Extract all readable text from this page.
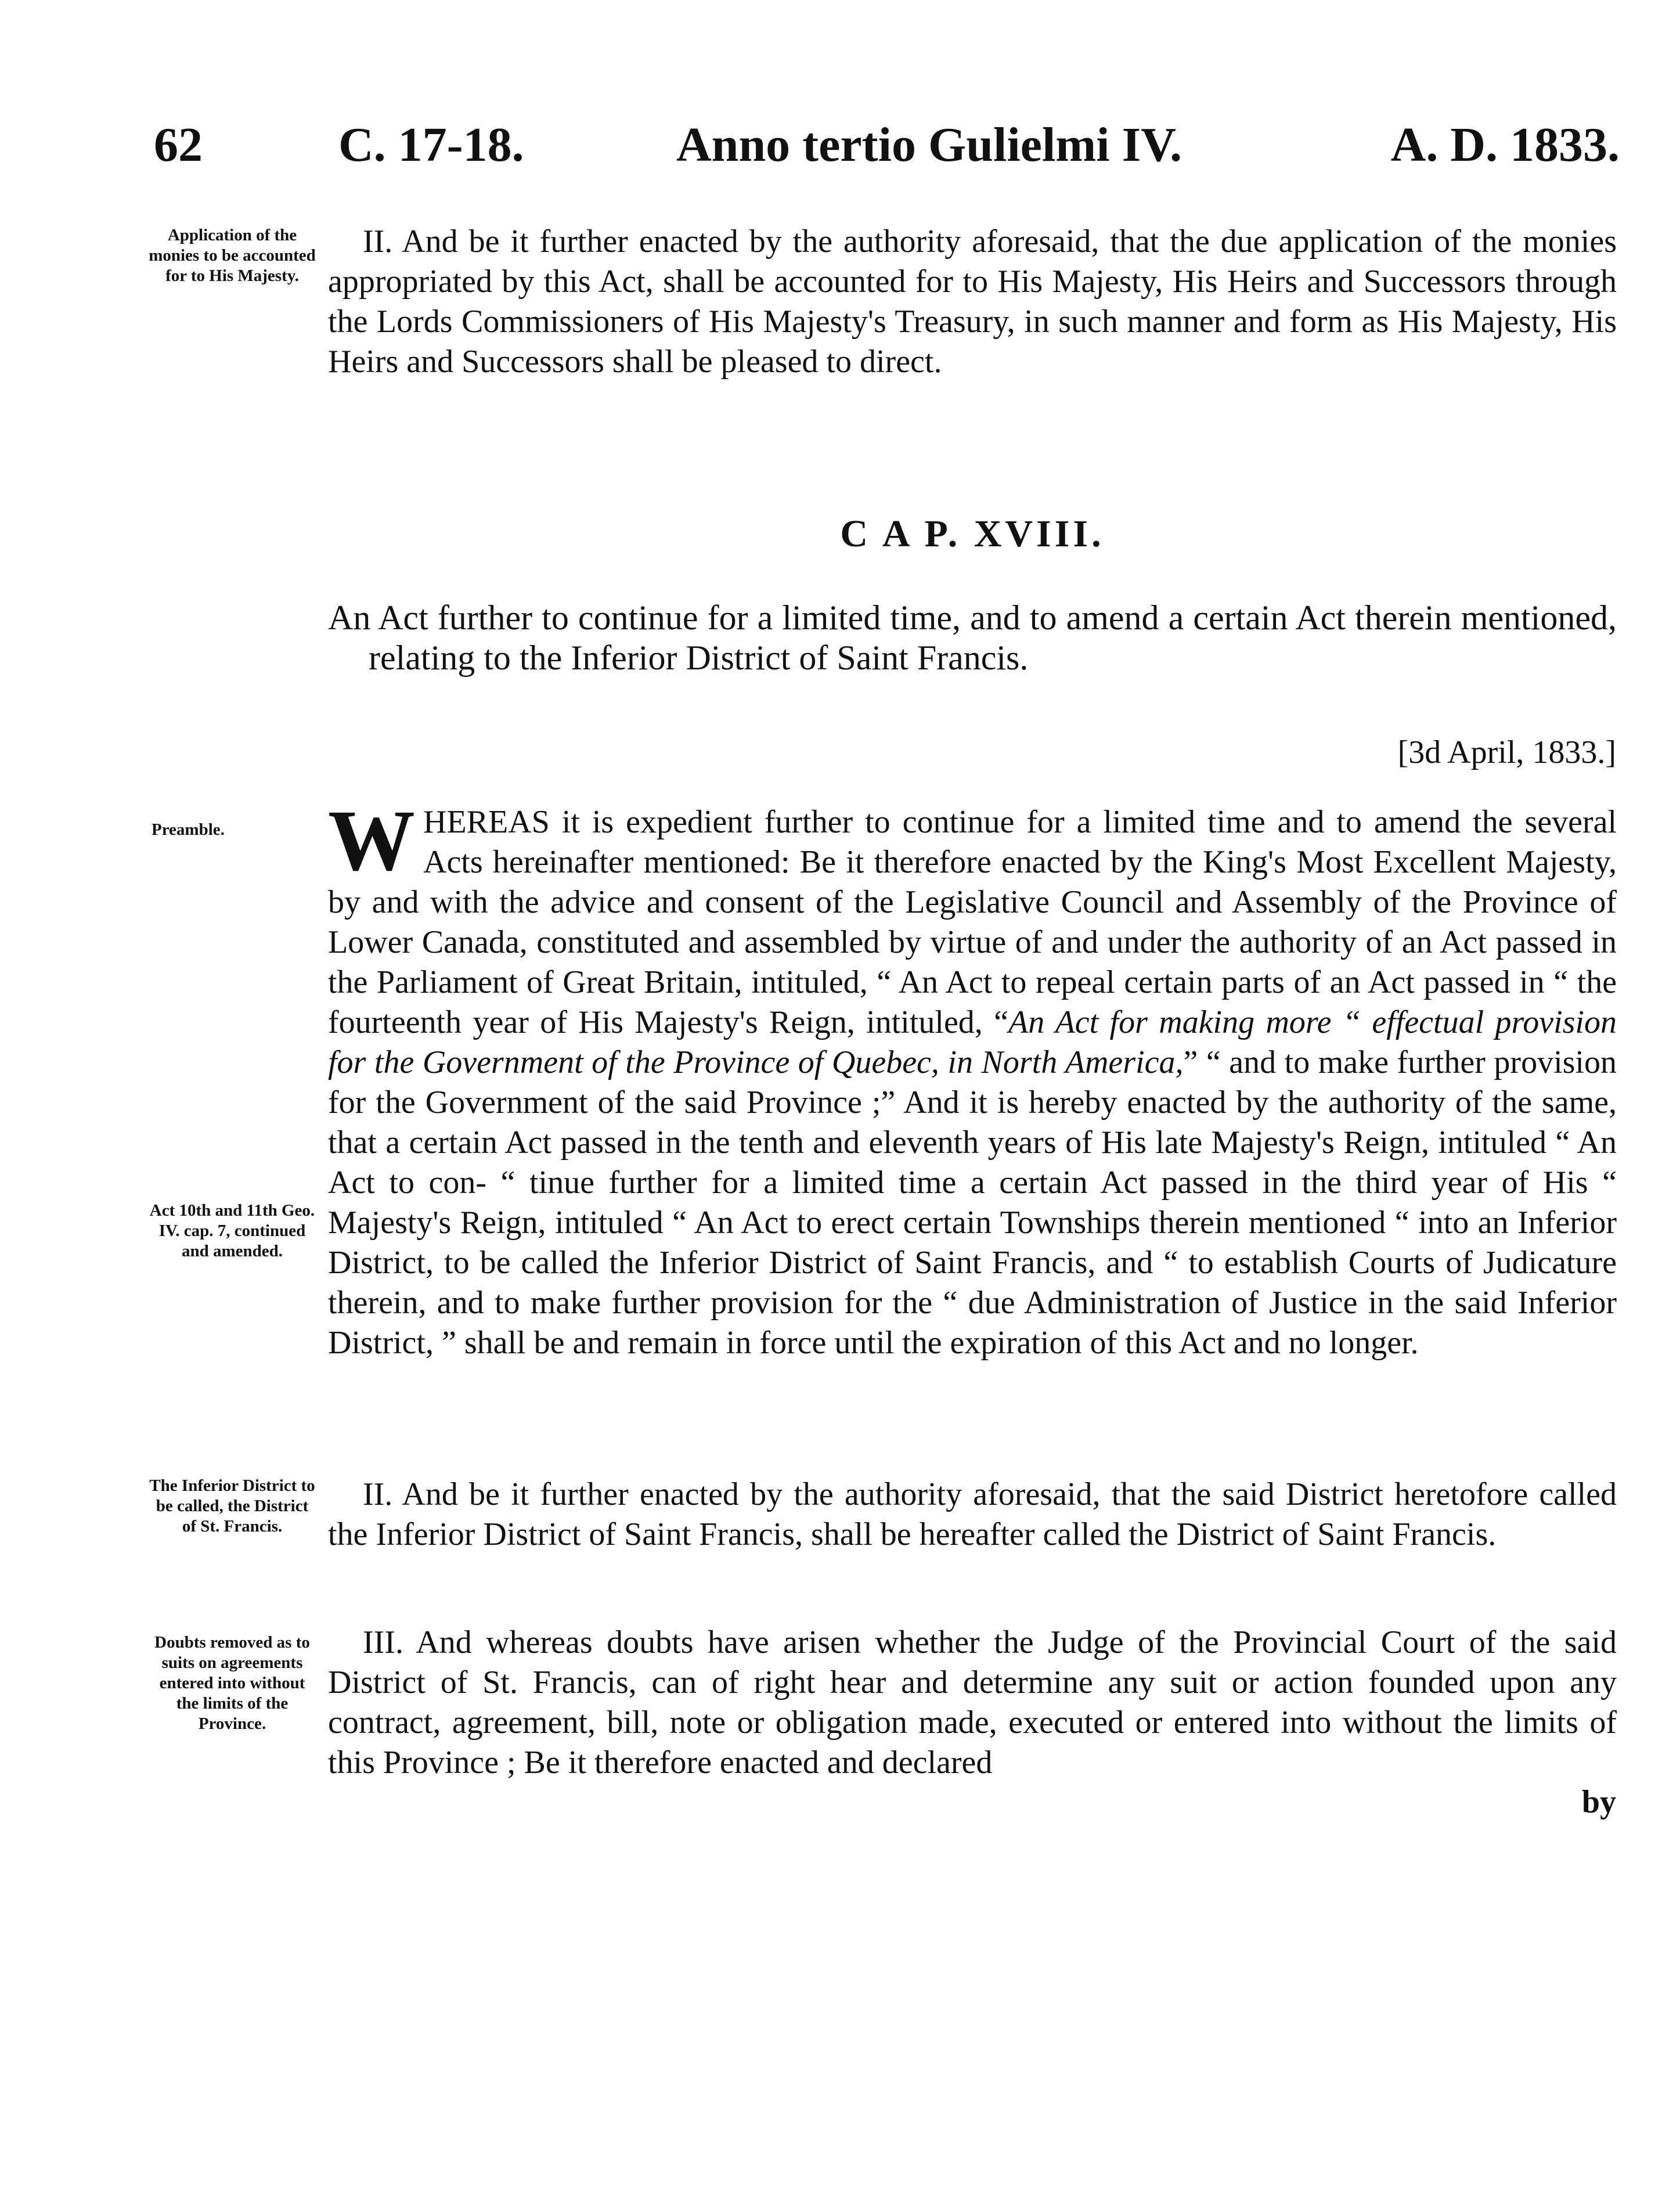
62	C. 17-18.	Anno tertio Gulielmi IV.	A. D. 1833.
Application of the monies to be accounted for to His Majesty.

II. And be it further enacted by the authority aforesaid, that the due application of the monies appropriated by this Act, shall be accounted for to His Majesty, His Heirs and Successors through the Lords Commissioners of His Majesty's Treasury, in such manner and form as His Majesty, His Heirs and Successors shall be pleased to direct.

C A P. XVIII.

An Act further to continue for a limited time, and to amend a certain Act therein mentioned, relating to the Inferior District of Saint Francis.

[3d April, 1833.]
Preamble.	WHEREAS it is expedient further to continue for a limited time and to amend the several Acts hereinafter mentioned: Be it therefore enacted by the King's Most Excellent Majesty, by and with the advice and consent of the Legislative Council and Assembly of the Province of Lower Canada, constituted and assembled by virtue of and under the authority of an Act passed in the Parliament of Great Britain, intituled, “ An Act to repeal certain parts of an Act passed in “ the fourteenth year of His Majesty's Reign, intituled, “An Act for making more “ effectual provision for the Government of the Province of Quebec, in North America,” “ and to make further provision for the Government of the said Province ;” And it is hereby enacted by the authority of the same, that a certain Act passed in the tenth and eleventh years of His late Majesty's Reign, intituled “ An Act to con- “ tinue further for a limited time a certain Act passed in the third year of His “ Majesty's Reign, intituled “ An Act to erect certain Townships therein mentioned “ into an Inferior District, to be called the Inferior District of Saint Francis, and “ to establish Courts of Judicature therein, and to make further provision for the “ due Administration of Justice in the said Inferior District, ” shall be and remain in force until the expiration of this Act and no longer.

Act 10th and 11th Geo. IV. cap. 7, continued and amended.
The Inferior District to be called, the District of St. Francis.

II. And be it further enacted by the authority aforesaid, that the said District heretofore called the Inferior District of Saint Francis, shall be hereafter called the District of Saint Francis.

Doubts removed as to suits on agreements entered into without the limits of the Province.

III. And whereas doubts have arisen whether the Judge of the Provincial Court of the said District of St. Francis, can of right hear and determine any suit or action founded upon any contract, agreement, bill, note or obligation made, executed or entered into without the limits of this Province ; Be it therefore enacted and declared

by
